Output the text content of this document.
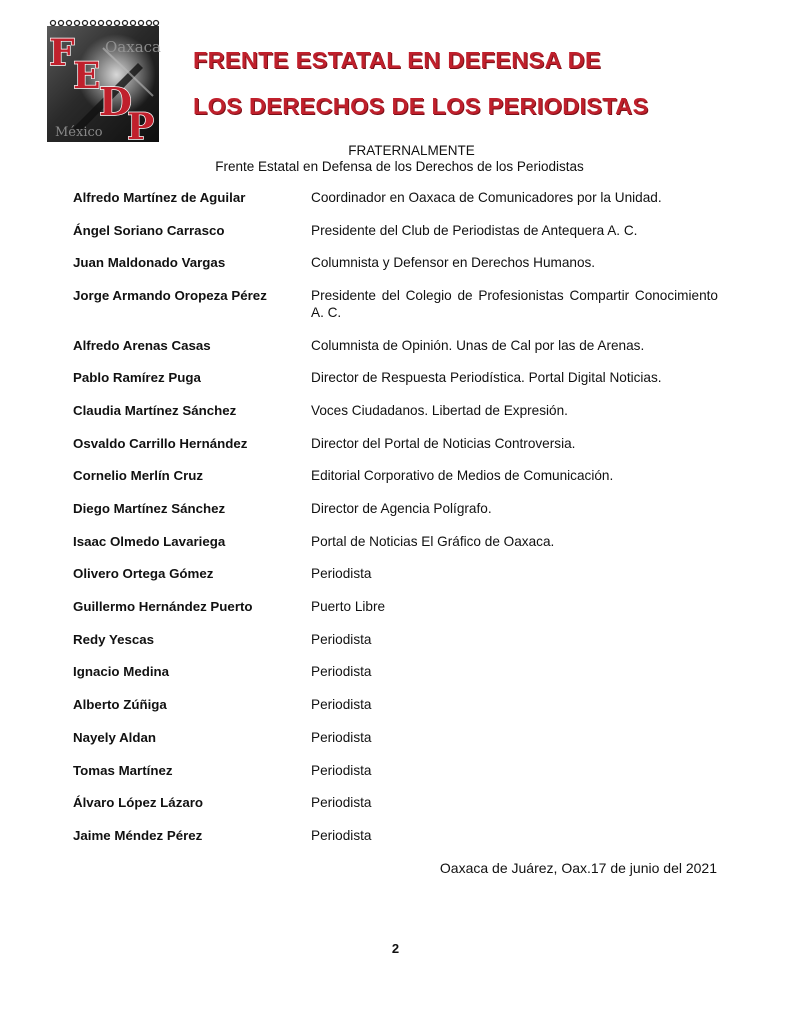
Oaxaca
México
F
E
D
P
FRENTE ESTATAL EN DEFENSA DE
LOS DERECHOS DE LOS PERIODISTAS
FRATERNALMENTE
Frente Estatal en Defensa de los Derechos de los Periodistas
Alfredo Martínez de Aguilar	Coordinador en Oaxaca de Comunicadores por la Unidad.
Ángel Soriano Carrasco	Presidente del Club de Periodistas de Antequera A. C.
Juan Maldonado Vargas	Columnista y Defensor en Derechos Humanos.
Jorge Armando Oropeza Pérez	Presidente del Colegio de Profesionistas Compartir Conocimiento A. C.
Alfredo Arenas Casas	Columnista de Opinión. Unas de Cal por las de Arenas.
Pablo Ramírez Puga	Director de Respuesta Periodística. Portal Digital Noticias.
Claudia Martínez Sánchez	Voces Ciudadanos. Libertad de Expresión.
Osvaldo Carrillo Hernández	Director del Portal de Noticias Controversia.
Cornelio Merlín Cruz	Editorial Corporativo de Medios de Comunicación.
Diego Martínez Sánchez	Director de Agencia Polígrafo.
Isaac Olmedo Lavariega	Portal de Noticias El Gráfico de Oaxaca.
Olivero Ortega Gómez	Periodista
Guillermo Hernández Puerto	Puerto Libre
Redy Yescas	Periodista
Ignacio Medina	Periodista
Alberto Zúñiga	Periodista
Nayely Aldan	Periodista
Tomas Martínez	Periodista
Álvaro López Lázaro	Periodista
Jaime Méndez Pérez	Periodista
Oaxaca de Juárez, Oax.17 de junio del 2021
2
